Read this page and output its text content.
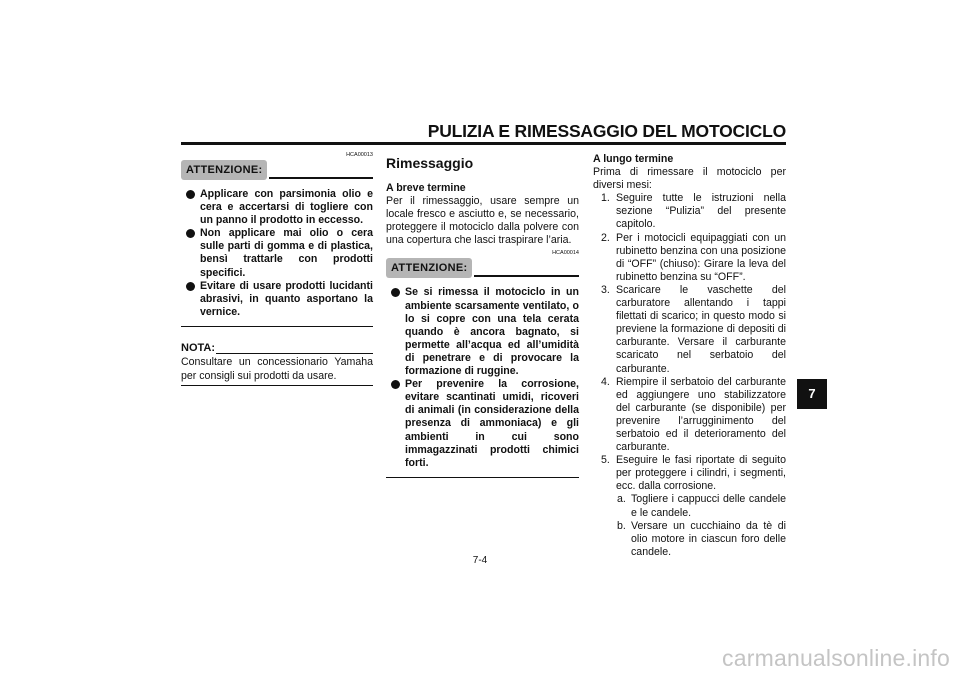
PULIZIA E RIMESSAGGIO DEL MOTOCICLO
HCA00013
ATTENZIONE:
Applicare con parsimonia olio e cera e accertarsi di togliere con un panno il prodotto in eccesso.
Non applicare mai olio o cera sulle parti di gomma e di plastica, bensì trattarle con prodotti specifici.
Evitare di usare prodotti lucidanti abrasivi, in quanto asportano la vernice.
NOTA:
Consultare un concessionario Yamaha per consigli sui prodotti da usare.
Rimessaggio
A breve termine
Per il rimessaggio, usare sempre un locale fresco e asciutto e, se necessario, proteggere il motociclo dalla polvere con una copertura che lasci traspirare l’aria.
HCA00014
ATTENZIONE:
Se si rimessa il motociclo in un ambiente scarsamente ventilato, o lo si copre con una tela cerata quando è ancora bagnato, si permette all’acqua ed all’umidità di penetrare e di provocare la formazione di ruggine.
Per prevenire la corrosione, evitare scantinati umidi, ricoveri di animali (in considerazione della presenza di ammoniaca) e gli ambienti in cui sono immagazzinati prodotti chimici forti.
A lungo termine
Prima di rimessare il motociclo per diversi mesi:
1. Seguire tutte le istruzioni nella sezione “Pulizia” del presente capitolo.
2. Per i motocicli equipaggiati con un rubinetto benzina con una posizione di “OFF” (chiuso): Girare la leva del rubinetto benzina su “OFF”.
3. Scaricare le vaschette del carburatore allentando i tappi filettati di scarico; in questo modo si previene la formazione di depositi di carburante. Versare il carburante scaricato nel serbatoio del carburante.
4. Riempire il serbatoio del carburante ed aggiungere uno stabilizzatore del carburante (se disponibile) per prevenire l’arrugginimento del serbatoio ed il deterioramento del carburante.
5. Eseguire le fasi riportate di seguito per proteggere i cilindri, i segmenti, ecc. dalla corrosione.
a. Togliere i cappucci delle candele e le candele.
b. Versare un cucchiaino da tè di olio motore in ciascun foro delle candele.
7-4
7
carmanualsonline.info
